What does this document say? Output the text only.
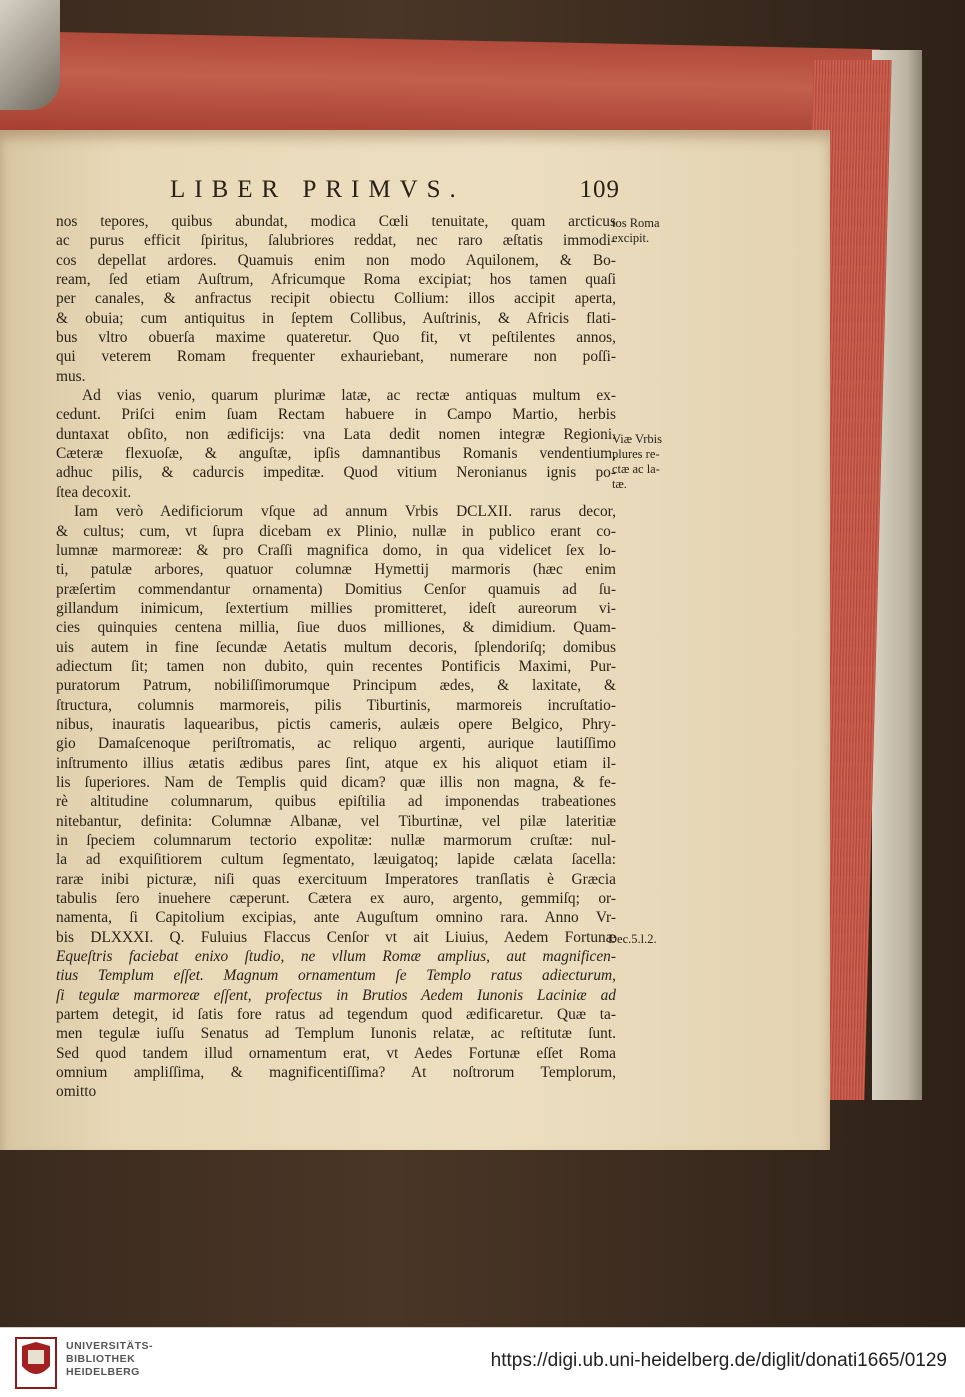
LIBER PRIMVS.	109
nos tepores, quibus abundat, modica Cœli tenuitate, quam arcticus
ac purus efficit ſpiritus, ſalubriores reddat, nec raro æſtatis immodi-
cos depellat ardores. Quamuis enim non modo Aquilonem, & Bo-
ream, ſed etiam Auſtrum, Africumque Roma excipiat; hos tamen quaſi
per canales, & anfractus recipit obiectu Collium: illos accipit aperta,
& obuia; cum antiquitus in ſeptem Collibus, Auſtrinis, & Africis flati-
bus vltro obuerſa maxime quateretur. Quo fit, vt peſtilentes annos,
qui veterem Romam frequenter exhauriebant, numerare non poſſi-
mus.
Ad vias venio, quarum plurimæ latæ, ac rectæ antiquas multum ex-
cedunt. Priſci enim ſuam Rectam habuere in Campo Martio, herbis
duntaxat obſito, non ædificijs: vna Lata dedit nomen integræ Regioni.
Cæteræ flexuoſæ, & anguſtæ, ipſis damnantibus Romanis vendentium,
adhuc pilis, & cadurcis impeditæ. Quod vitium Neronianus ignis po-
ſtea decoxit.
Iam verò Aedificiorum vſque ad annum Vrbis DCLXII. rarus decor,
& cultus; cum, vt ſupra dicebam ex Plinio, nullæ in publico erant co-
lumnæ marmoreæ: & pro Craſſi magnifica domo, in qua videlicet ſex lo-
ti, patulæ arbores, quatuor columnæ Hymettij marmoris (hæc enim
præſertim commendantur ornamenta) Domitius Cenſor quamuis ad ſu-
gillandum inimicum, ſextertium millies promitteret, ideſt aureorum vi-
cies quinquies centena millia, ſiue duos milliones, & dimidium. Quam-
uis autem in fine ſecundæ Aetatis multum decoris, ſplendoriſq; domibus
adiectum ſit; tamen non dubito, quin recentes Pontificis Maximi, Pur-
puratorum Patrum, nobiliſſimorumque Principum ædes, & laxitate, &
ſtructura, columnis marmoreis, pilis Tiburtinis, marmoreis incruſtatio-
nibus, inauratis laquearibus, pictis cameris, aulæis opere Belgico, Phry-
gio Damaſcenoque periſtromatis, ac reliquo argenti, aurique lautiſſimo
inſtrumento illius ætatis ædibus pares ſint, atque ex his aliquot etiam il-
lis ſuperiores. Nam de Templis quid dicam? quæ illis non magna, & fe-
rè altitudine columnarum, quibus epiſtilia ad imponendas trabeationes
nitebantur, definita: Columnæ Albanæ, vel Tiburtinæ, vel pilæ lateritiæ
in ſpeciem columnarum tectorio expolitæ: nullæ marmorum cruſtæ: nul-
la ad exquiſitiorem cultum ſegmentato, læuigatoq; lapide cælata ſacella:
raræ inibi picturæ, niſi quas exercituum Imperatores tranſlatis è Græcia
tabulis ſero inuehere cæperunt. Cætera ex auro, argento, gemmiſq; or-
namenta, ſi Capitolium excipias, ante Auguſtum omnino rara. Anno Vr-
bis DLXXXI. Q. Fuluius Flaccus Cenſor vt ait Liuius, Aedem Fortunæ
Equeſtris faciebat enixo ſtudio, ne vllum Romæ amplius, aut magnificen-
tius Templum eſſet. Magnum ornamentum ſe Templo ratus adiecturum,
ſi tegulæ marmoreæ eſſent, profectus in Brutios Aedem Iunonis Laciniæ ad
partem detegit, id ſatis fore ratus ad tegendum quod ædificaretur. Quæ ta-
men tegulæ iuſſu Senatus ad Templum Iunonis relatæ, ac reſtitutæ ſunt.
Sed quod tandem illud ornamentum erat, vt Aedes Fortunæ eſſet Roma
omnium ampliſſima, & magnificentiſſima? At noſtrorum Templorum,
omitto
tos Roma
excipit.
Viæ Vrbis
plures re-
ctæ ac la-
tæ.
Dec.5.l.2.
UNIVERSITÄTS-
BIBLIOTHEK
HEIDELBERG
https://digi.ub.uni-heidelberg.de/diglit/donati1665/0129
